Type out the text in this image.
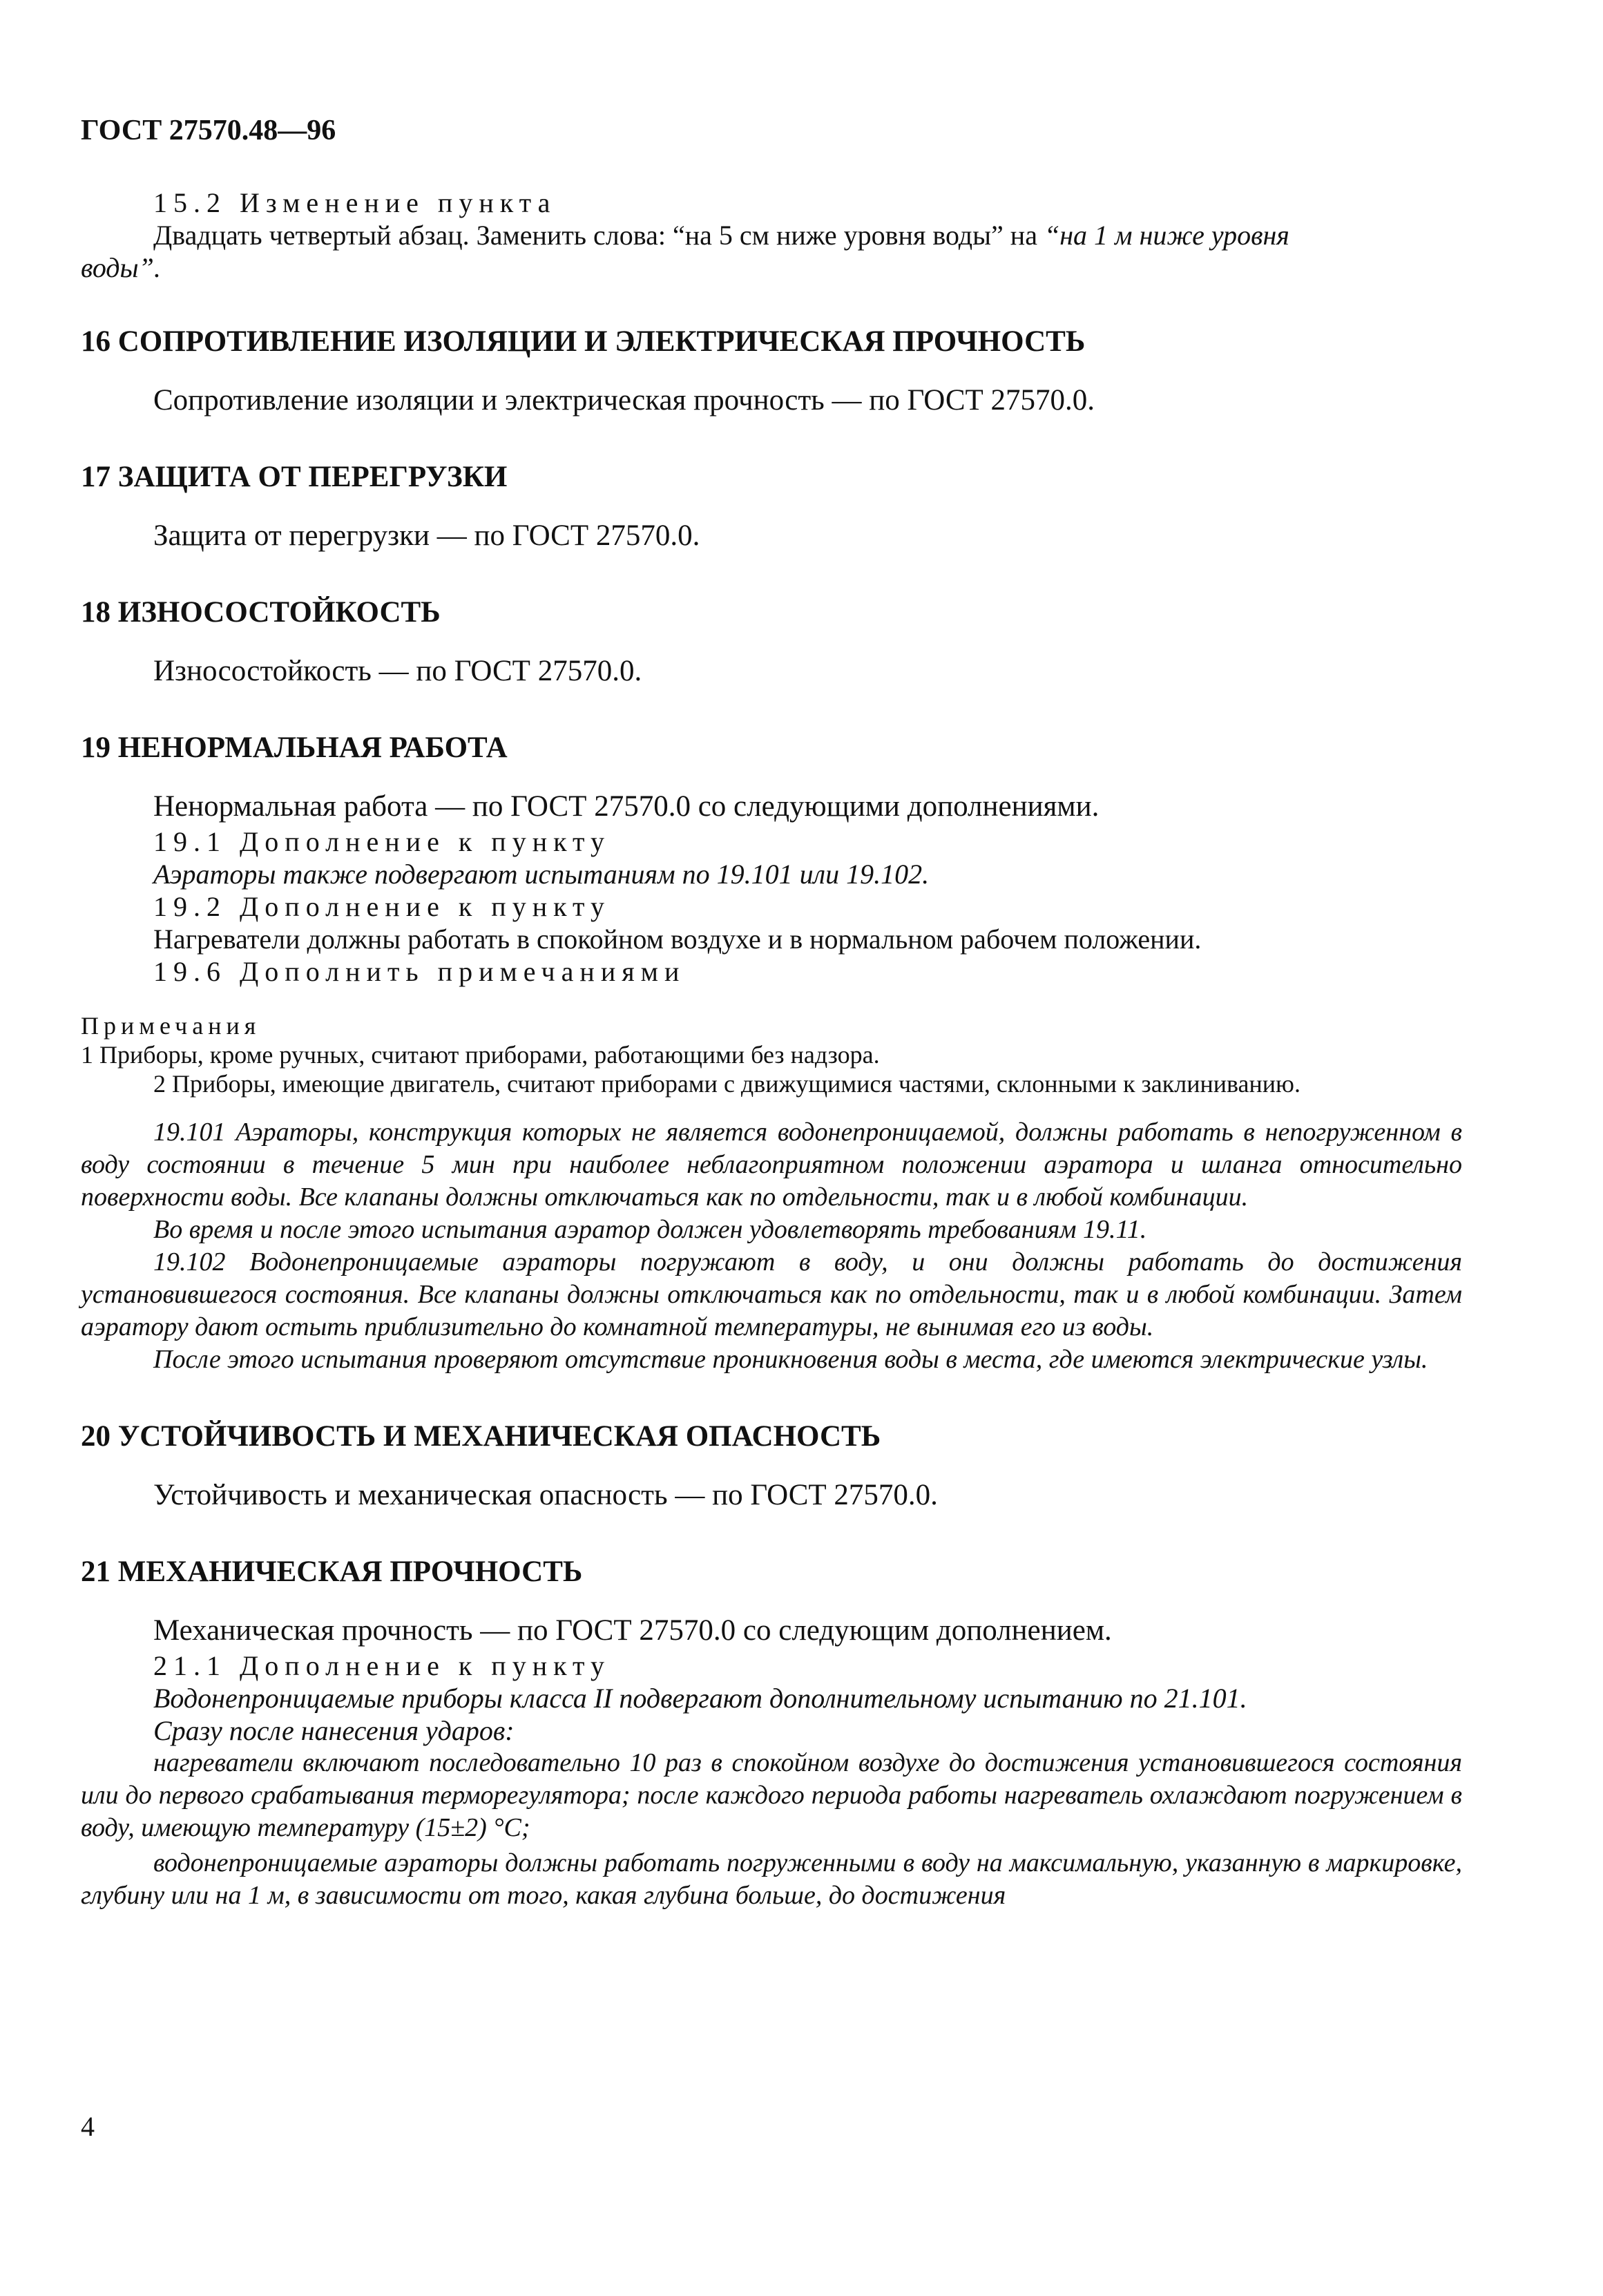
ГОСТ 27570.48—96

15.2 Изменение пункта

Двадцать четвертый абзац. Заменить слова: “на 5 см ниже уровня воды” на “на 1 м ниже уровня

воды”.

16 СОПРОТИВЛЕНИЕ ИЗОЛЯЦИИ И ЭЛЕКТРИЧЕСКАЯ ПРОЧНОСТЬ

Сопротивление изоляции и электрическая прочность — по ГОСТ 27570.0.

17 ЗАЩИТА ОТ ПЕРЕГРУЗКИ

Защита от перегрузки — по ГОСТ 27570.0.

18 ИЗНОСОСТОЙКОСТЬ

Износостойкость — по ГОСТ 27570.0.

19 НЕНОРМАЛЬНАЯ РАБОТА

Ненормальная работа — по ГОСТ 27570.0 со следующими дополнениями.

19.1 Дополнение к пункту

Аэраторы также подвергают испытаниям по 19.101 или 19.102.

19.2 Дополнение к пункту

Нагреватели должны работать в спокойном воздухе и в нормальном рабочем положении.

19.6 Дополнить примечаниями

Примечания

1 Приборы, кроме ручных, считают приборами, работающими без надзора.

2 Приборы, имеющие двигатель, считают приборами с движущимися частями, склонными к заклиниванию.

19.101 Аэраторы, конструкция которых не является водонепроницаемой, должны работать в непогруженном в воду состоянии в течение 5 мин при наиболее неблагоприятном положении аэратора и шланга относительно поверхности воды. Все клапаны должны отключаться как по отдельности, так и в любой комбинации.

Во время и после этого испытания аэратор должен удовлетворять требованиям 19.11.

19.102 Водонепроницаемые аэраторы погружают в воду, и они должны работать до достижения установившегося состояния. Все клапаны должны отключаться как по отдельности, так и в любой комбинации. Затем аэратору дают остыть приблизительно до комнатной температуры, не вынимая его из воды.

После этого испытания проверяют отсутствие проникновения воды в места, где имеются электрические узлы.

20 УСТОЙЧИВОСТЬ И МЕХАНИЧЕСКАЯ ОПАСНОСТЬ

Устойчивость и механическая опасность — по ГОСТ 27570.0.

21 МЕХАНИЧЕСКАЯ ПРОЧНОСТЬ

Механическая прочность — по ГОСТ 27570.0 со следующим дополнением.

21.1 Дополнение к пункту

Водонепроницаемые приборы класса II подвергают дополнительному испытанию по 21.101.

Сразу после нанесения ударов:

нагреватели включают последовательно 10 раз в спокойном воздухе до достижения установившегося состояния или до первого срабатывания терморегулятора; после каждого периода работы нагреватель охлаждают погружением в воду, имеющую температуру (15±2) °С;

водонепроницаемые аэраторы должны работать погруженными в воду на максимальную, указанную в маркировке, глубину или на 1 м, в зависимости от того, какая глубина больше, до достижения

4
